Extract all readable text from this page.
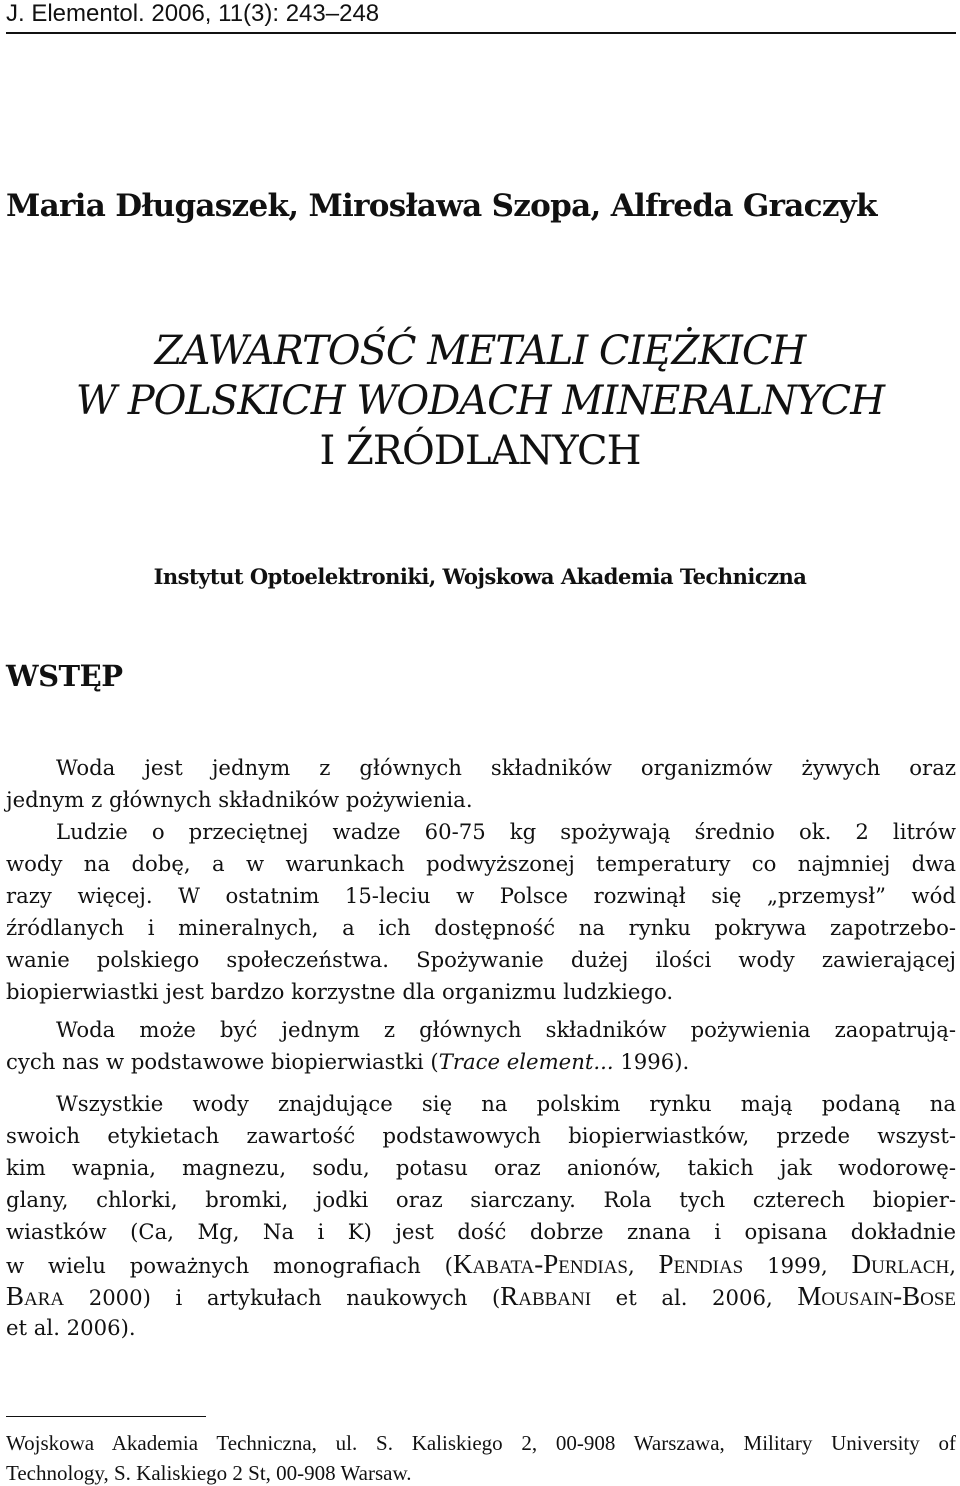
J. Elementol. 2006, 11(3): 243–248
Maria Długaszek, Mirosława Szopa, Alfreda Graczyk
ZAWARTOŚĆ METALI CIĘŻKICH
W POLSKICH WODACH MINERALNYCH
I ŹRÓDLANYCH
Instytut Optoelektroniki, Wojskowa Akademia Techniczna
WSTĘP
Woda jest jednym z głównych składników organizmów żywych oraz
jednym z głównych składników pożywienia.
Ludzie o przeciętnej wadze 60-75 kg spożywają średnio ok. 2 litrów
wody na dobę, a w warunkach podwyższonej temperatury co najmniej dwa
razy więcej. W ostatnim 15-leciu w Polsce rozwinął się „przemysł” wód
źródlanych i mineralnych, a ich dostępność na rynku pokrywa zapotrzebo-
wanie polskiego społeczeństwa. Spożywanie dużej ilości wody zawierającej
biopierwiastki jest bardzo korzystne dla organizmu ludzkiego.
Woda może być jednym z głównych składników pożywienia zaopatrują-
cych nas w podstawowe biopierwiastki (Trace element... 1996).
Wszystkie wody znajdujące się na polskim rynku mają podaną na
swoich etykietach zawartość podstawowych biopierwiastków, przede wszyst-
kim wapnia, magnezu, sodu, potasu oraz anionów, takich jak wodorowę-
glany, chlorki, bromki, jodki oraz siarczany. Rola tych czterech biopier-
wiastków (Ca, Mg, Na i K) jest dość dobrze znana i opisana dokładnie
w wielu poważnych monografiach (Kabata-Pendias, Pendias 1999, Durlach,
Bara 2000) i artykułach naukowych (Rabbani et al. 2006, Mousain-Bose
et al. 2006).
Wojskowa Akademia Techniczna, ul. S. Kaliskiego 2, 00-908 Warszawa, Military University of
Technology, S. Kaliskiego 2 St, 00-908 Warsaw.
